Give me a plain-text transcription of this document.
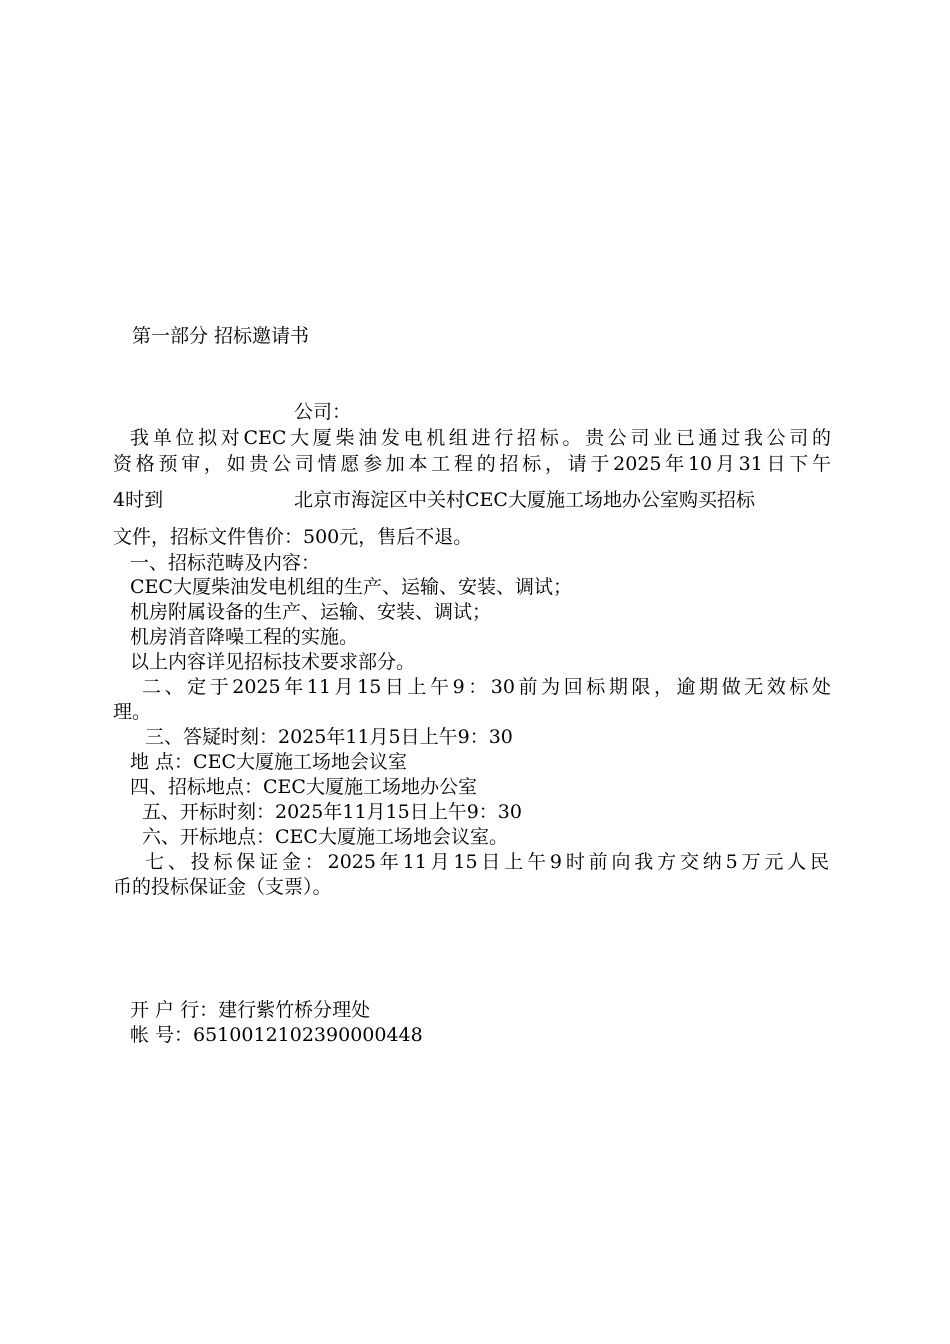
第一部分 招标邀请书
公司：
我单位拟对CEC大厦柴油发电机组进行招标。贵公司业已通过我公司的
资格预审，如贵公司情愿参加本工程的招标，请于2025年10月31日下午
4时到	北京市海淀区中关村CEC大厦施工场地办公室购买招标
文件，招标文件售价：500元，售后不退。
一、招标范畴及内容：
CEC大厦柴油发电机组的生产、运输、安装、调试；
机房附属设备的生产、运输、安装、调试；
机房消音降噪工程的实施。
以上内容详见招标技术要求部分。
二、定于2025年11月15日上午9：30前为回标期限，逾期做无效标处
理。
三、答疑时刻：2025年11月5日上午9：30
地 点：CEC大厦施工场地会议室
四、招标地点：CEC大厦施工场地办公室
五、开标时刻：2025年11月15日上午9：30
六、开标地点：CEC大厦施工场地会议室。
七、投标保证金：2025年11月15日上午9时前向我方交纳5万元人民
币的投标保证金（支票）。
开 户 行：建行紫竹桥分理处
帐 号：6510012102390000448
